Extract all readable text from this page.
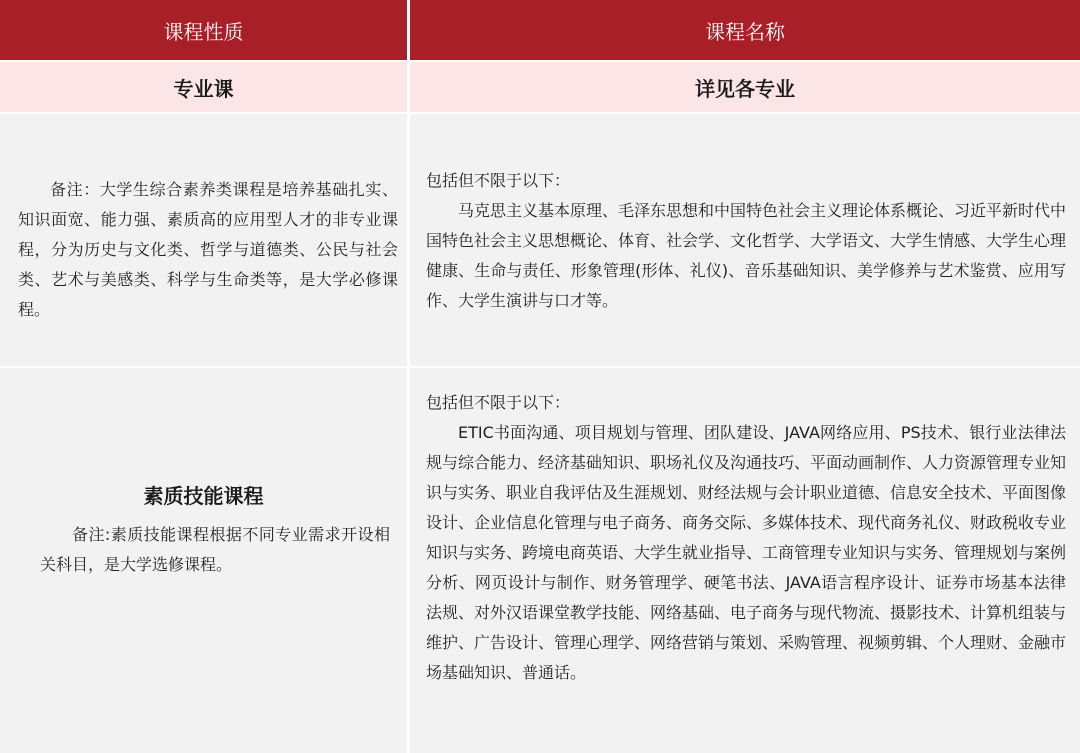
课程性质	课程名称
专业课	详见各专业
备注：大学生综合素养类课程是培养基础扎实、知识面宽、能力强、素质高的应用型人才的非专业课程，分为历史与文化类、哲学与道德类、公民与社会类、艺术与美感类、科学与生命类等，是大学必修课程。
包括但不限于以下：
马克思主义基本原理、毛泽东思想和中国特色社会主义理论体系概论、习近平新时代中国特色社会主义思想概论、体育、社会学、文化哲学、大学语文、大学生情感、大学生心理健康、生命与责任、形象管理(形体、礼仪)、音乐基础知识、美学修养与艺术鉴赏、应用写作、大学生演讲与口才等。
素质技能课程
备注:素质技能课程根据不同专业需求开设相关科目，是大学选修课程。
包括但不限于以下：
ETIC书面沟通、项目规划与管理、团队建设、JAVA网络应用、PS技术、银行业法律法规与综合能力、经济基础知识、职场礼仪及沟通技巧、平面动画制作、人力资源管理专业知识与实务、职业自我评估及生涯规划、财经法规与会计职业道德、信息安全技术、平面图像设计、企业信息化管理与电子商务、商务交际、多媒体技术、现代商务礼仪、财政税收专业知识与实务、跨境电商英语、大学生就业指导、工商管理专业知识与实务、管理规划与案例分析、网页设计与制作、财务管理学、硬笔书法、JAVA语言程序设计、证券市场基本法律法规、对外汉语课堂教学技能、网络基础、电子商务与现代物流、摄影技术、计算机组装与维护、广告设计、管理心理学、网络营销与策划、采购管理、视频剪辑、个人理财、金融市场基础知识、普通话。
